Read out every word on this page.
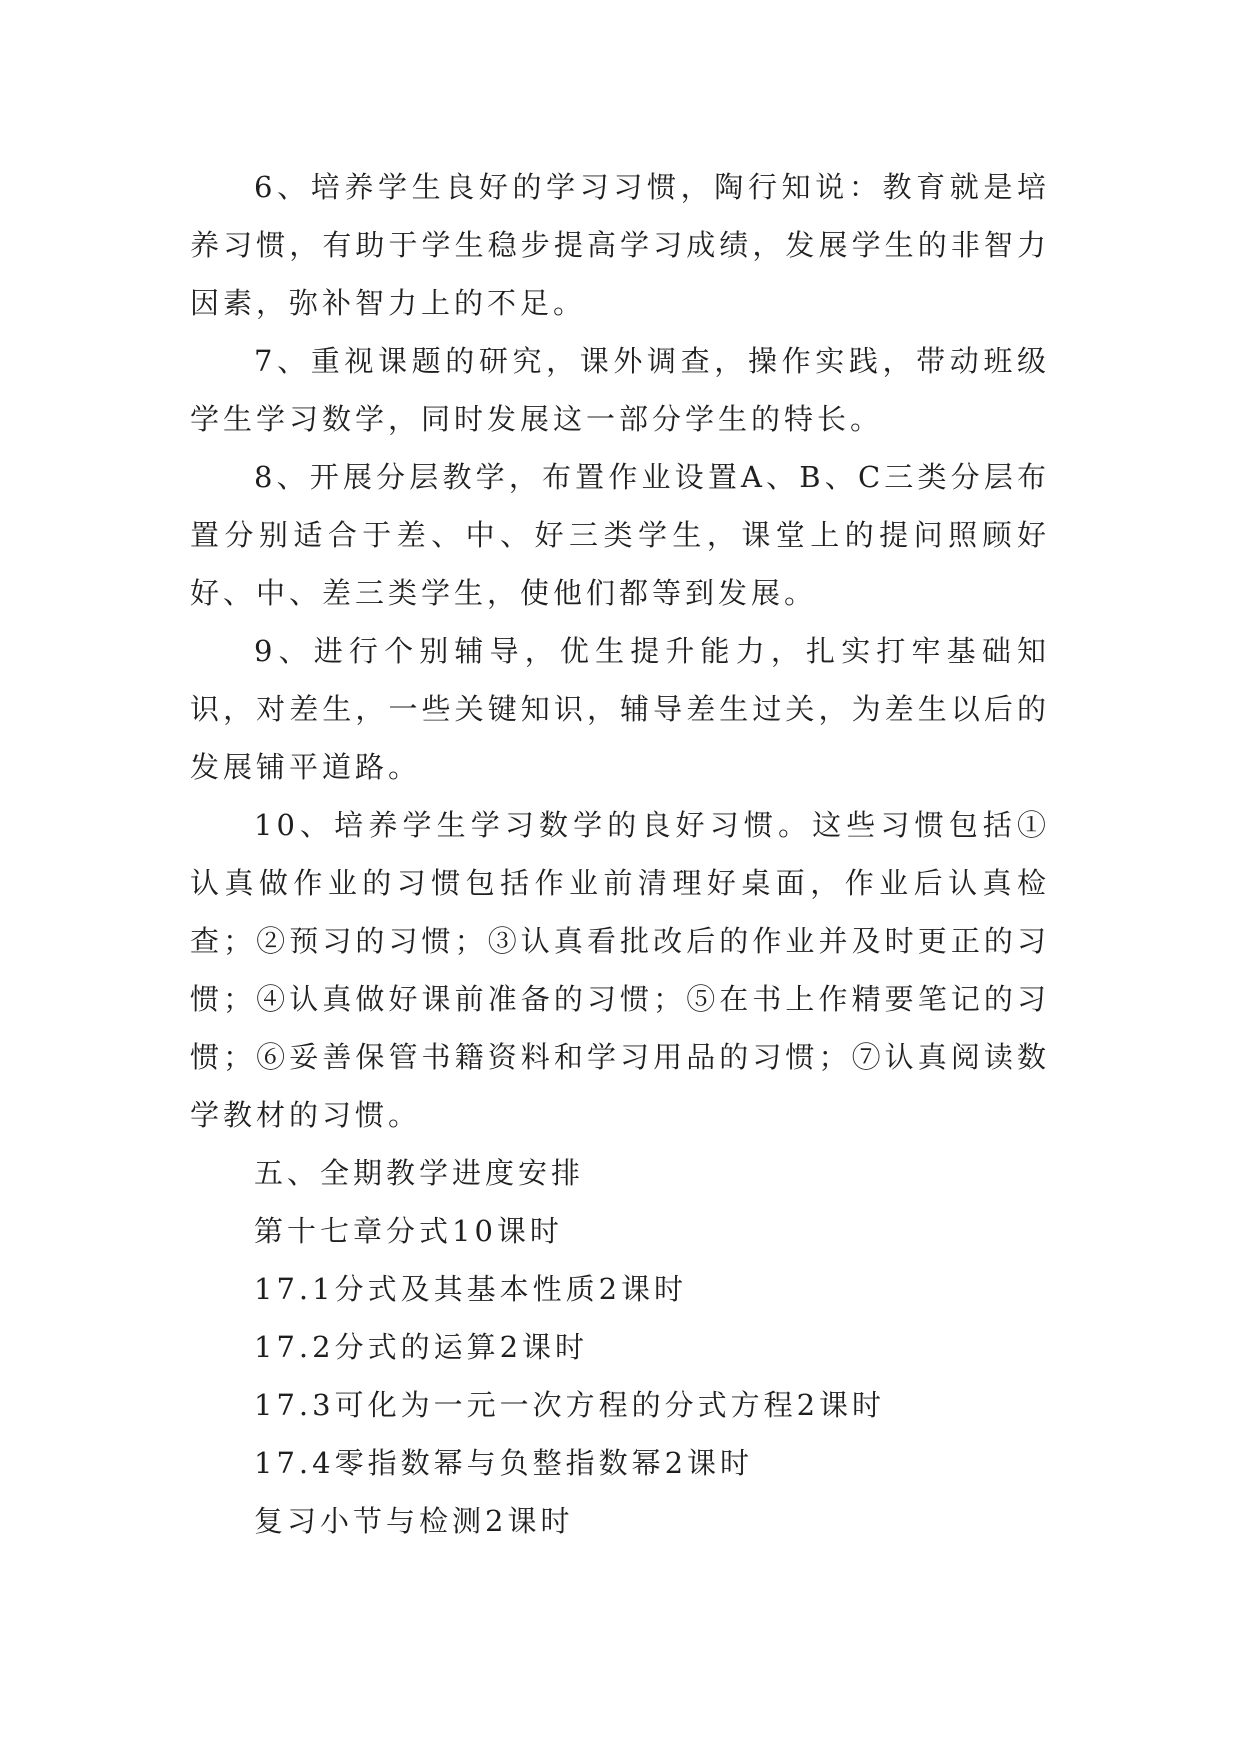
6、培养学生良好的学习习惯，陶行知说：教育就是培养习惯，有助于学生稳步提高学习成绩，发展学生的非智力因素，弥补智力上的不足。

7、重视课题的研究，课外调查，操作实践，带动班级学生学习数学，同时发展这一部分学生的特长。

8、开展分层教学，布置作业设置A、B、C三类分层布置分别适合于差、中、好三类学生，课堂上的提问照顾好好、中、差三类学生，使他们都等到发展。

9、进行个别辅导，优生提升能力，扎实打牢基础知识，对差生，一些关键知识，辅导差生过关，为差生以后的发展铺平道路。

10、培养学生学习数学的良好习惯。这些习惯包括①认真做作业的习惯包括作业前清理好桌面，作业后认真检查；②预习的习惯；③认真看批改后的作业并及时更正的习惯；④认真做好课前准备的习惯；⑤在书上作精要笔记的习惯；⑥妥善保管书籍资料和学习用品的习惯；⑦认真阅读数学教材的习惯。

五、全期教学进度安排

第十七章分式10课时

17.1分式及其基本性质2课时

17.2分式的运算2课时

17.3可化为一元一次方程的分式方程2课时

17.4零指数幂与负整指数幂2课时

复习小节与检测2课时
